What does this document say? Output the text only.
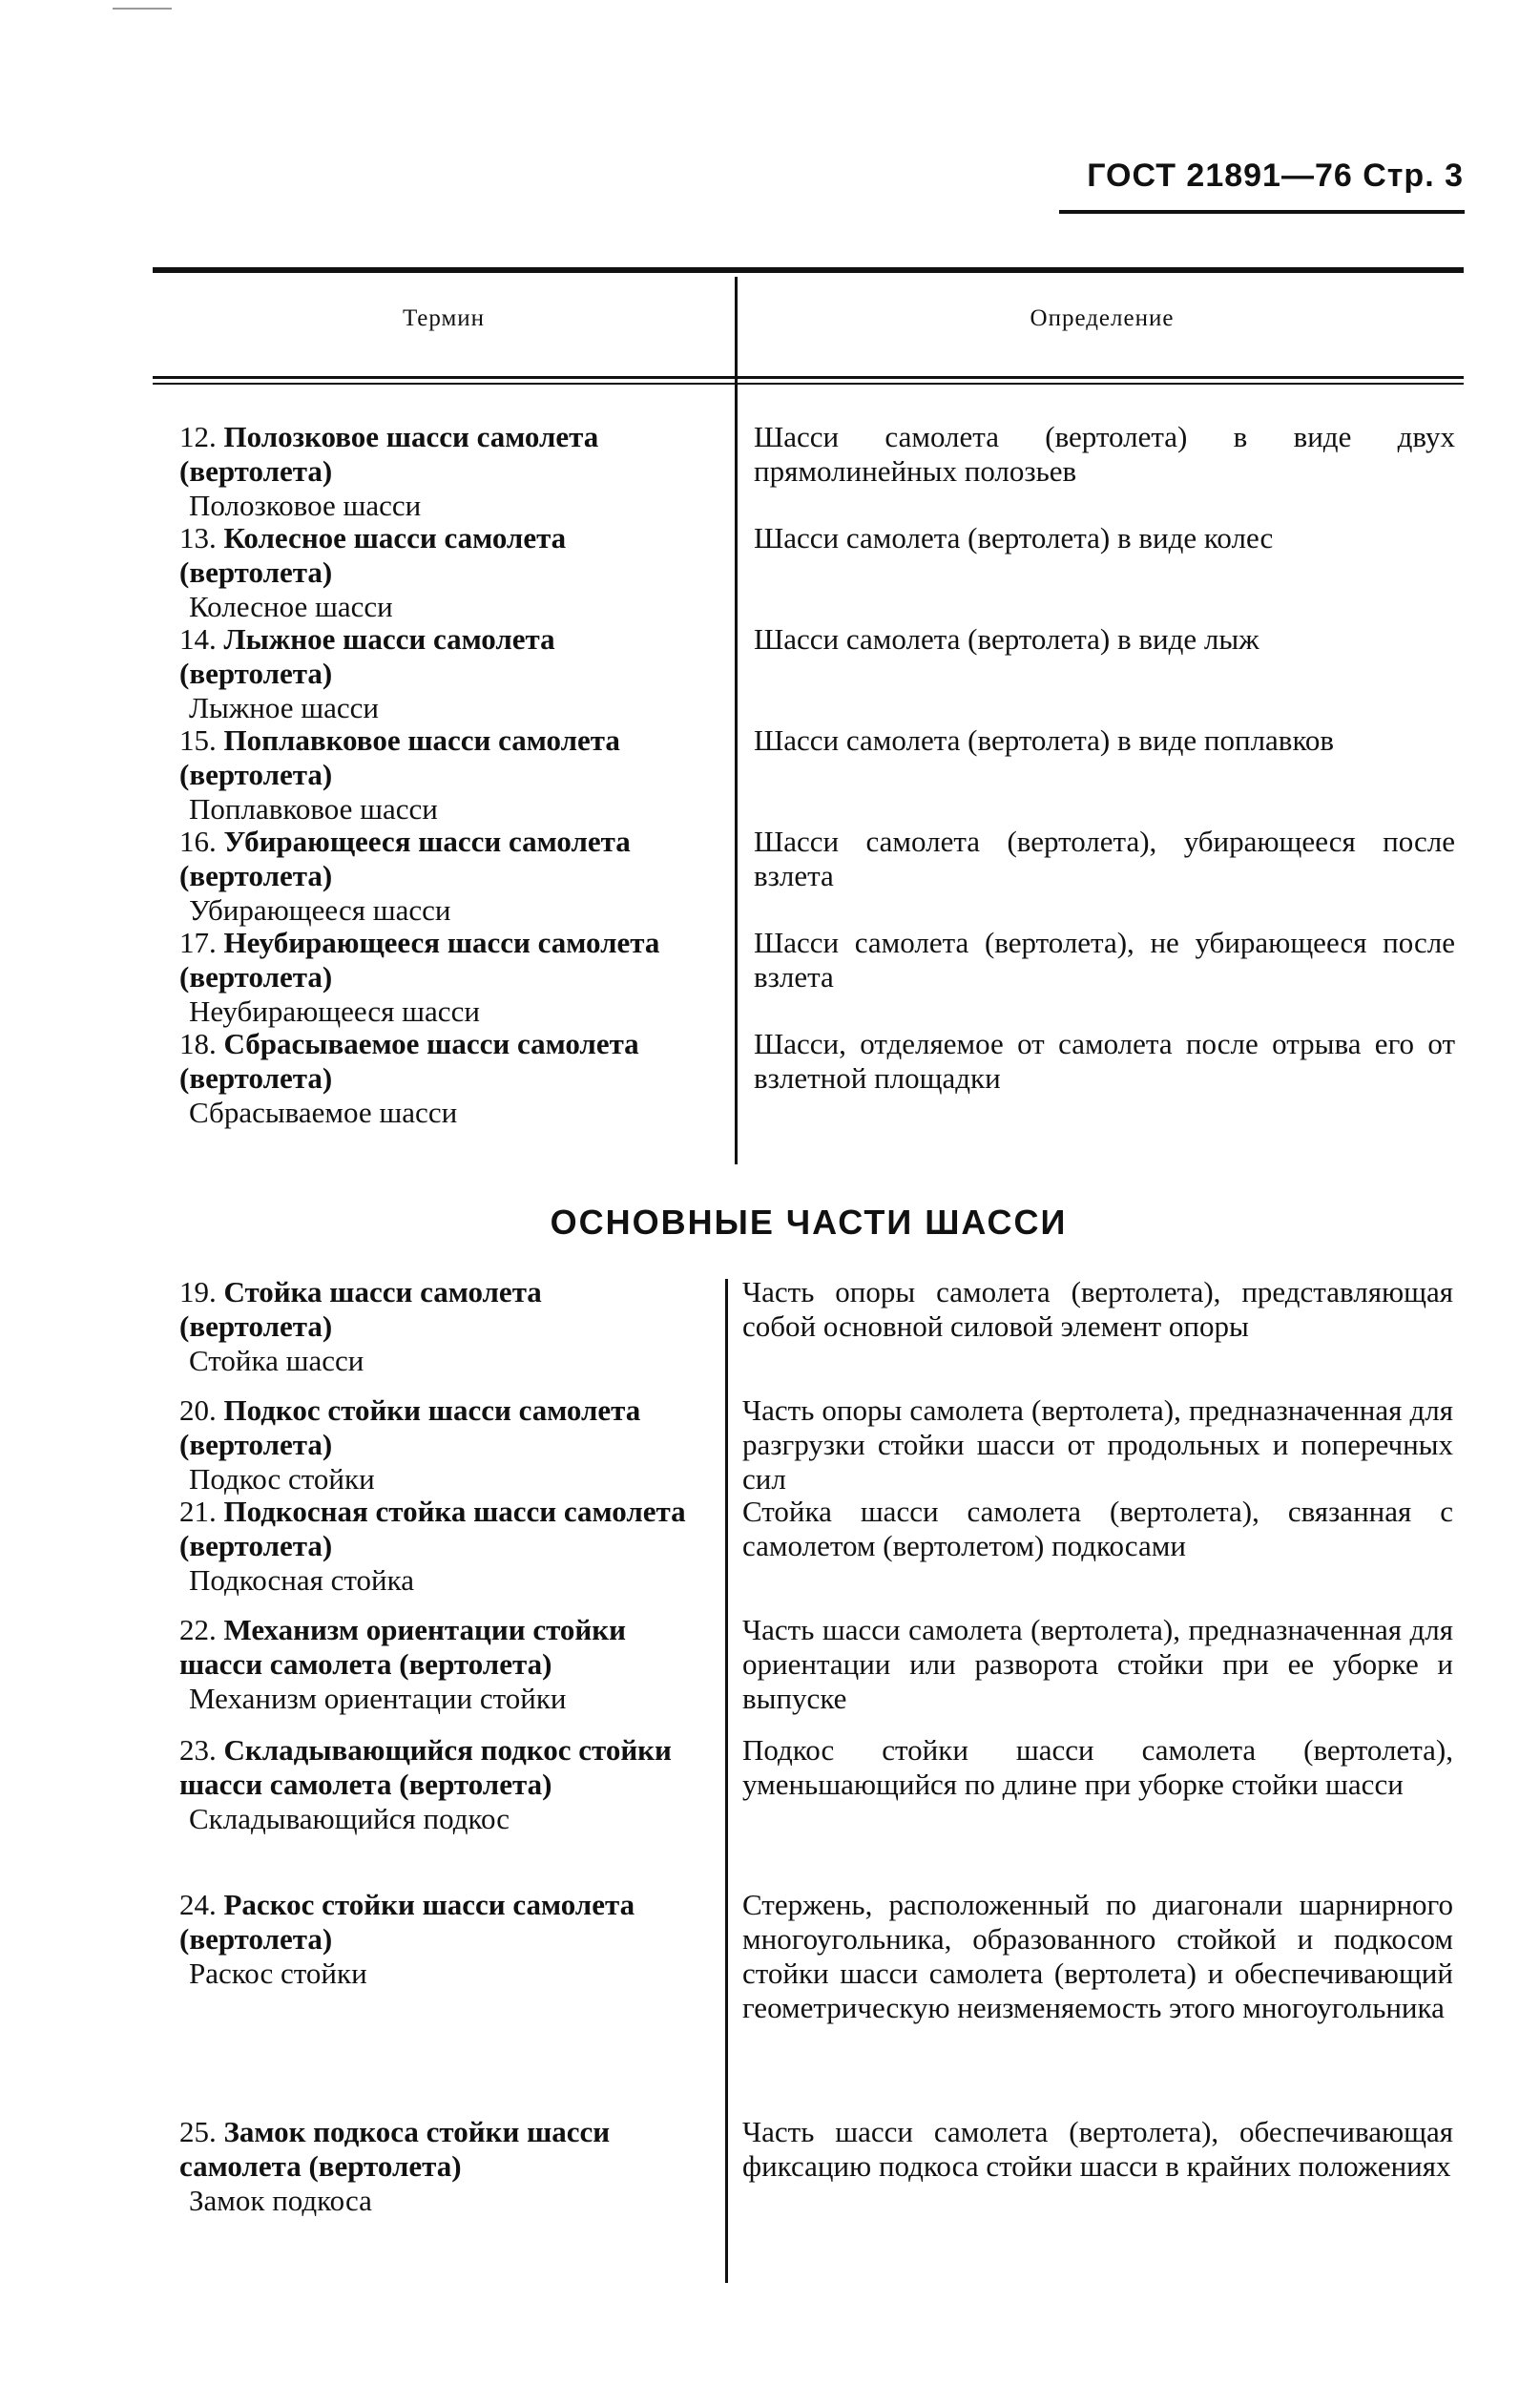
ГОСТ 21891—76 Стр. 3
Термин	Определение
12. Полозковое шасси самолета (вертолета)
Полозковое шасси
Шасси самолета (вертолета) в виде двух прямолинейных полозьев
13. Колесное шасси самолета (вертолета)
Колесное шасси
Шасси самолета (вертолета) в виде колес
14. Лыжное шасси самолета (вертолета)
Лыжное шасси
Шасси самолета (вертолета) в виде лыж
15. Поплавковое шасси самолета (вертолета)
Поплавковое шасси
Шасси самолета (вертолета) в виде поплавков
16. Убирающееся шасси самолета (вертолета)
Убирающееся шасси
Шасси самолета (вертолета), убирающееся после взлета
17. Неубирающееся шасси самолета (вертолета)
Неубирающееся шасси
Шасси самолета (вертолета), не убирающееся после взлета
18. Сбрасываемое шасси самолета (вертолета)
Сбрасываемое шасси
Шасси, отделяемое от самолета после отрыва его от взлетной площадки
ОСНОВНЫЕ ЧАСТИ ШАССИ
19. Стойка шасси самолета (вертолета)
Стойка шасси
Часть опоры самолета (вертолета), представляющая собой основной силовой элемент опоры
20. Подкос стойки шасси самолета (вертолета)
Подкос стойки
Часть опоры самолета (вертолета), предназначенная для разгрузки стойки шасси от продольных и поперечных сил
21. Подкосная стойка шасси самолета (вертолета)
Подкосная стойка
Стойка шасси самолета (вертолета), связанная с самолетом (вертолетом) подкосами
22. Механизм ориентации стойки шасси самолета (вертолета)
Механизм ориентации стойки
Часть шасси самолета (вертолета), предназначенная для ориентации или разворота стойки при ее уборке и выпуске
23. Складывающийся подкос стойки шасси самолета (вертолета)
Складывающийся подкос
Подкос стойки шасси самолета (вертолета), уменьшающийся по длине при уборке стойки шасси
24. Раскос стойки шасси самолета (вертолета)
Раскос стойки
Стержень, расположенный по диагонали шарнирного многоугольника, образованного стойкой и подкосом стойки шасси самолета (вертолета) и обеспечивающий геометрическую неизменяемость этого многоугольника
25. Замок подкоса стойки шасси самолета (вертолета)
Замок подкоса
Часть шасси самолета (вертолета), обеспечивающая фиксацию подкоса стойки шасси в крайних положениях
